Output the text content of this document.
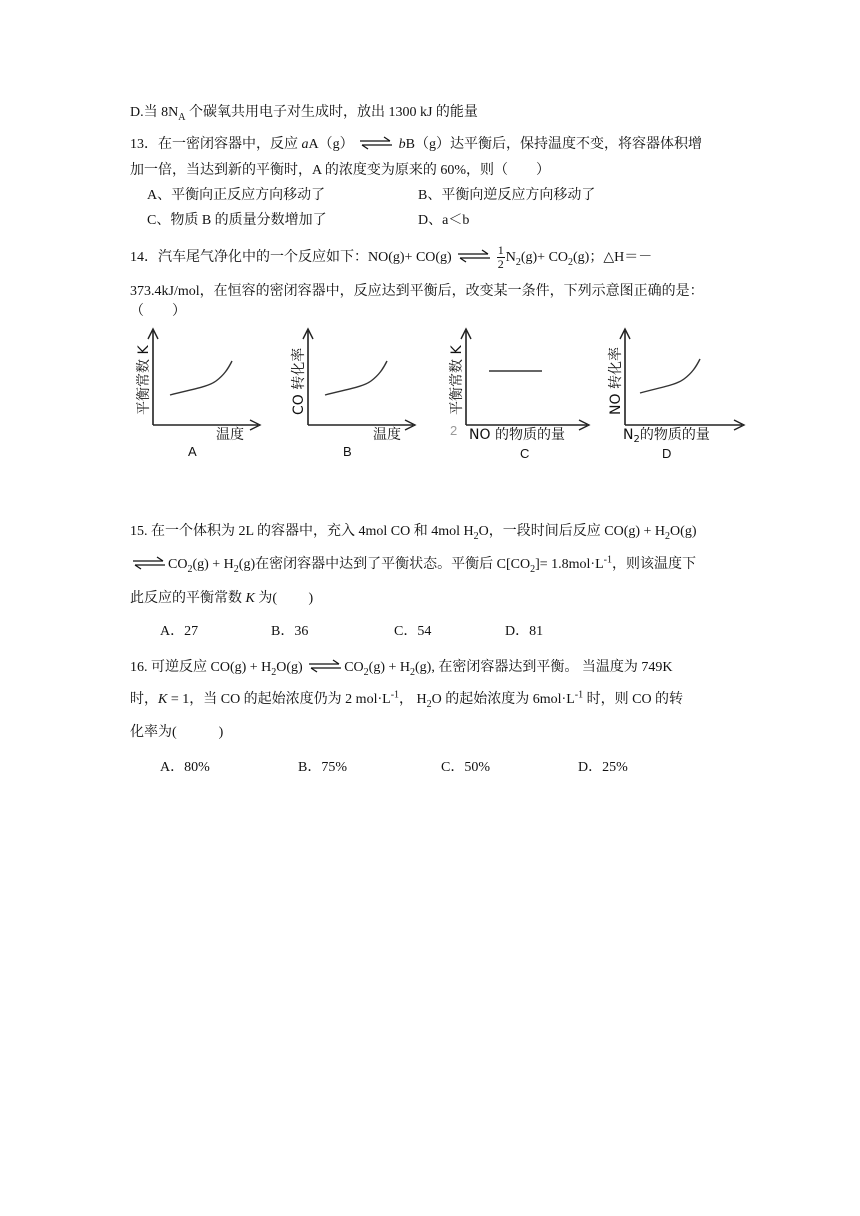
D.当 $8N_A$ 个碳氧共用电子对生成时，放出 1300 kJ 的能量
13．在一密闭容器中，反应 aA（g） ⇌ bB（g）达平衡后，保持温度不变，将容器体积增
加一倍，当达到新的平衡时，A 的浓度变为原来的 60%，则（　　）
A、平衡向正反应方向移动了	B、平衡向逆反应方向移动了
C、物质 B 的质量分数增加了	D、a＜b
14．汽车尾气净化中的一个反应如下：NO(g)+ CO(g) ⇌ $\frac{1}{2} N_2(g)+ CO_2(g)$；△H＝－
373.4kJ/mol，在恒容的密闭容器中，反应达到平衡后，改变某一条件，下列示意图正确的是：
（　　）
平衡常数 K
温度
A
CO 转化率
温度
B
平衡常数 K
2 NO 的物质的量
C
NO 转化率
$N_2$的物质的量
D
15. 在一个体积为 2L 的容器中，充入 4mol CO 和 4mol $H_2O$，一段时间后反应 $CO(g) + H_2O(g)$
⇌ $CO_2(g) + H_2(g)$在密闭容器中达到了平衡状态。平衡后 $C[CO_2]= 1.8mol\cdot L^{-1}$，则该温度下
此反应的平衡常数 K 为(　　 )
A．27	B．36	C．54	D．81
16. 可逆反应 $CO(g) + H_2O(g)$ ⇌ $CO_2(g) + H_2(g)$, 在密闭容器达到平衡。 当温度为 749K
时，K = 1，当 CO 的起始浓度仍为 2 $mol\cdot L^{-1}$， $H_2O$ 的起始浓度为 $6mol\cdot L^{-1}$ 时，则 CO 的转
化率为(　　　)
A．80%	B．75%	C．50%	D．25%
